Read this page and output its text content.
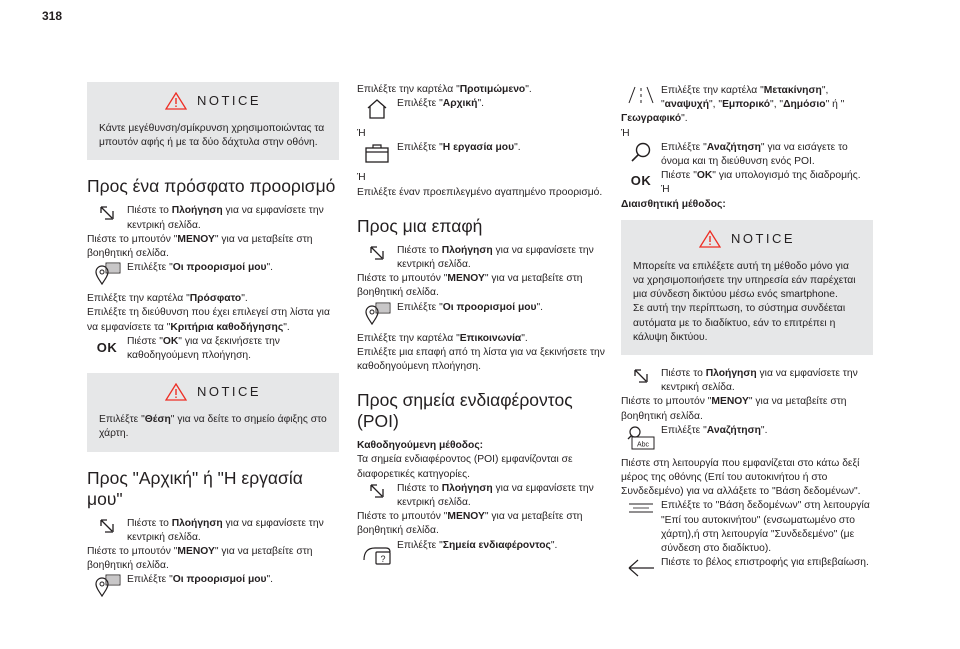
318
NOTICE

Κάντε μεγέθυνση/σμίκρυνση χρησιμοποιώντας τα μπουτόν αφής ή με τα δύο δάχτυλα στην οθόνη.

Προς ένα πρόσφατο προορισμό

Πιέστε το Πλοήγηση για να εμφανίσετε την κεντρική σελίδα.

Πιέστε το μπουτόν "ΜΕΝΟΥ" για να μεταβείτε στη βοηθητική σελίδα.

Επιλέξτε "Οι προορισμοί μου".

Επιλέξτε την καρτέλα "Πρόσφατο".

Επιλέξτε τη διεύθυνση που έχει επιλεγεί στη λίστα για να εμφανίσετε τα "Κριτήρια καθοδήγησης".

OK Πιέστε "OK" για να ξεκινήσετε την καθοδηγούμενη πλοήγηση.

NOTICE

Επιλέξτε "Θέση" για να δείτε το σημείο άφιξης στο χάρτη.

Προς "Αρχική" ή "Η εργασία μου"

Πιέστε το Πλοήγηση για να εμφανίσετε την κεντρική σελίδα.

Πιέστε το μπουτόν "ΜΕΝΟΥ" για να μεταβείτε στη βοηθητική σελίδα.

Επιλέξτε "Οι προορισμοί μου".

Επιλέξτε την καρτέλα "Προτιμώμενο".

Επιλέξτε "Αρχική".

Ή

Επιλέξτε "Η εργασία μου".

Ή

Επιλέξτε έναν προεπιλεγμένο αγαπημένο προορισμό.

Προς μια επαφή

Πιέστε το Πλοήγηση για να εμφανίσετε την κεντρική σελίδα.

Πιέστε το μπουτόν "ΜΕΝΟΥ" για να μεταβείτε στη βοηθητική σελίδα.

Επιλέξτε "Οι προορισμοί μου".

Επιλέξτε την καρτέλα "Επικοινωνία".

Επιλέξτε μια επαφή από τη λίστα για να ξεκινήσετε την καθοδηγούμενη πλοήγηση.

Προς σημεία ενδιαφέροντος (POI)

Καθοδηγούμενη μέθοδος:

Τα σημεία ενδιαφέροντος (POI) εμφανίζονται σε διαφορετικές κατηγορίες.

Πιέστε το Πλοήγηση για να εμφανίσετε την κεντρική σελίδα.

Πιέστε το μπουτόν "ΜΕΝΟΥ" για να μεταβείτε στη βοηθητική σελίδα.

?

Επιλέξτε "Σημεία ενδιαφέροντος".

Επιλέξτε την καρτέλα "Μετακίνηση", "αναψυχή", "Εμπορικό", "Δημόσιο" ή "

Γεωγραφικό".

Ή

Επιλέξτε "Αναζήτηση" για να εισάγετε το όνομα και τη διεύθυνση ενός POI.

OK Πιέστε "OK" για υπολογισμό της διαδρομής.

Ή

Διαισθητική μέθοδος:

NOTICE

Μπορείτε να επιλέξετε αυτή τη μέθοδο μόνο για να χρησιμοποιήσετε την υπηρεσία εάν παρέχεται μια σύνδεση δικτύου μέσω ενός smartphone.

Σε αυτή την περίπτωση, το σύστημα συνδέεται αυτόματα με το διαδίκτυο, εάν το επιτρέπει η κάλυψη δικτύου.

Πιέστε το Πλοήγηση για να εμφανίσετε την κεντρική σελίδα.

Πιέστε το μπουτόν "ΜΕΝΟΥ" για να μεταβείτε στη βοηθητική σελίδα.

Abc

Επιλέξτε "Αναζήτηση".

Πιέστε στη λειτουργία που εμφανίζεται στο κάτω δεξί μέρος της οθόνης (Επί του αυτοκινήτου ή στο Συνδεδεμένο) για να αλλάξετε το "Βάση δεδομένων".

Επιλέξτε το "Βάση δεδομένων" στη λειτουργία "Επί του αυτοκινήτου" (ενσωματωμένο στο χάρτη),ή στη λειτουργία "Συνδεδεμένο" (με σύνδεση στο διαδίκτυο).

Πιέστε το βέλος επιστροφής για επιβεβαίωση.
